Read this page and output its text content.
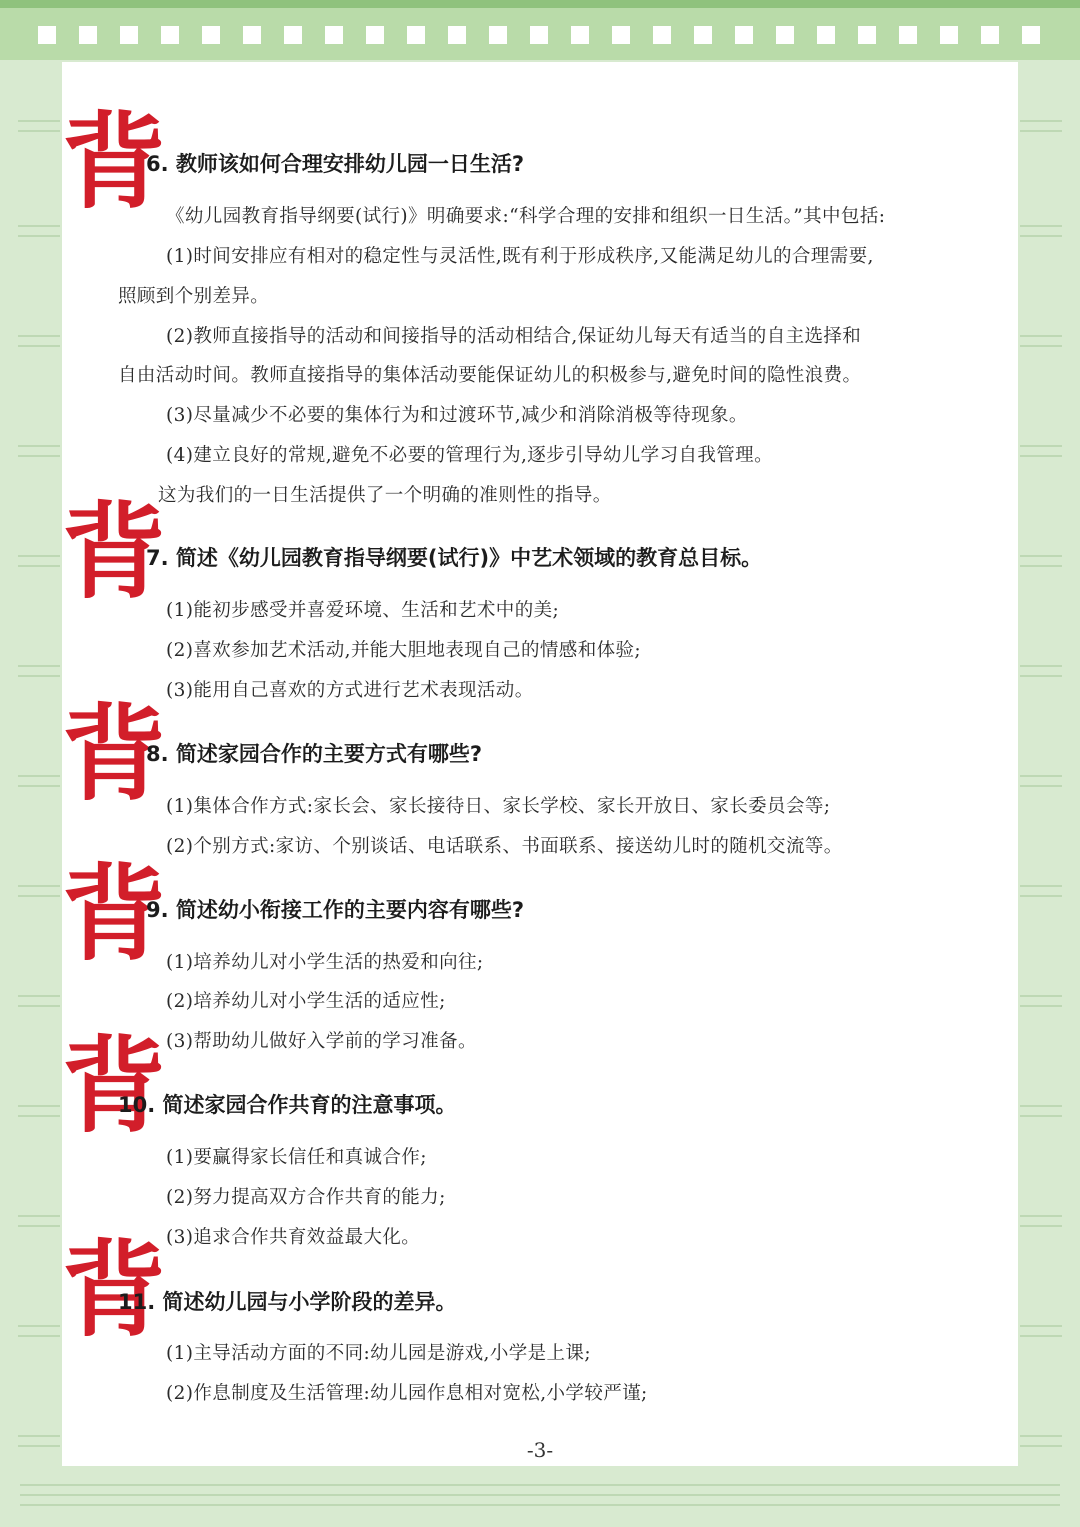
背
6. 教师该如何合理安排幼儿园一日生活?
《幼儿园教育指导纲要(试行)》明确要求:“科学合理的安排和组织一日生活。”其中包括:
(1)时间安排应有相对的稳定性与灵活性,既有利于形成秩序,又能满足幼儿的合理需要,
照顾到个别差异。
(2)教师直接指导的活动和间接指导的活动相结合,保证幼儿每天有适当的自主选择和
自由活动时间。教师直接指导的集体活动要能保证幼儿的积极参与,避免时间的隐性浪费。
(3)尽量减少不必要的集体行为和过渡环节,减少和消除消极等待现象。
(4)建立良好的常规,避免不必要的管理行为,逐步引导幼儿学习自我管理。
这为我们的一日生活提供了一个明确的准则性的指导。
背
7. 简述《幼儿园教育指导纲要(试行)》中艺术领域的教育总目标。
(1)能初步感受并喜爱环境、生活和艺术中的美;
(2)喜欢参加艺术活动,并能大胆地表现自己的情感和体验;
(3)能用自己喜欢的方式进行艺术表现活动。
背
8. 简述家园合作的主要方式有哪些?
(1)集体合作方式:家长会、家长接待日、家长学校、家长开放日、家长委员会等;
(2)个别方式:家访、个别谈话、电话联系、书面联系、接送幼儿时的随机交流等。
背
9. 简述幼小衔接工作的主要内容有哪些?
(1)培养幼儿对小学生活的热爱和向往;
(2)培养幼儿对小学生活的适应性;
(3)帮助幼儿做好入学前的学习准备。
背
10. 简述家园合作共育的注意事项。
(1)要赢得家长信任和真诚合作;
(2)努力提高双方合作共育的能力;
(3)追求合作共育效益最大化。
背
11. 简述幼儿园与小学阶段的差异。
(1)主导活动方面的不同:幼儿园是游戏,小学是上课;
(2)作息制度及生活管理:幼儿园作息相对宽松,小学较严谨;
-3-
